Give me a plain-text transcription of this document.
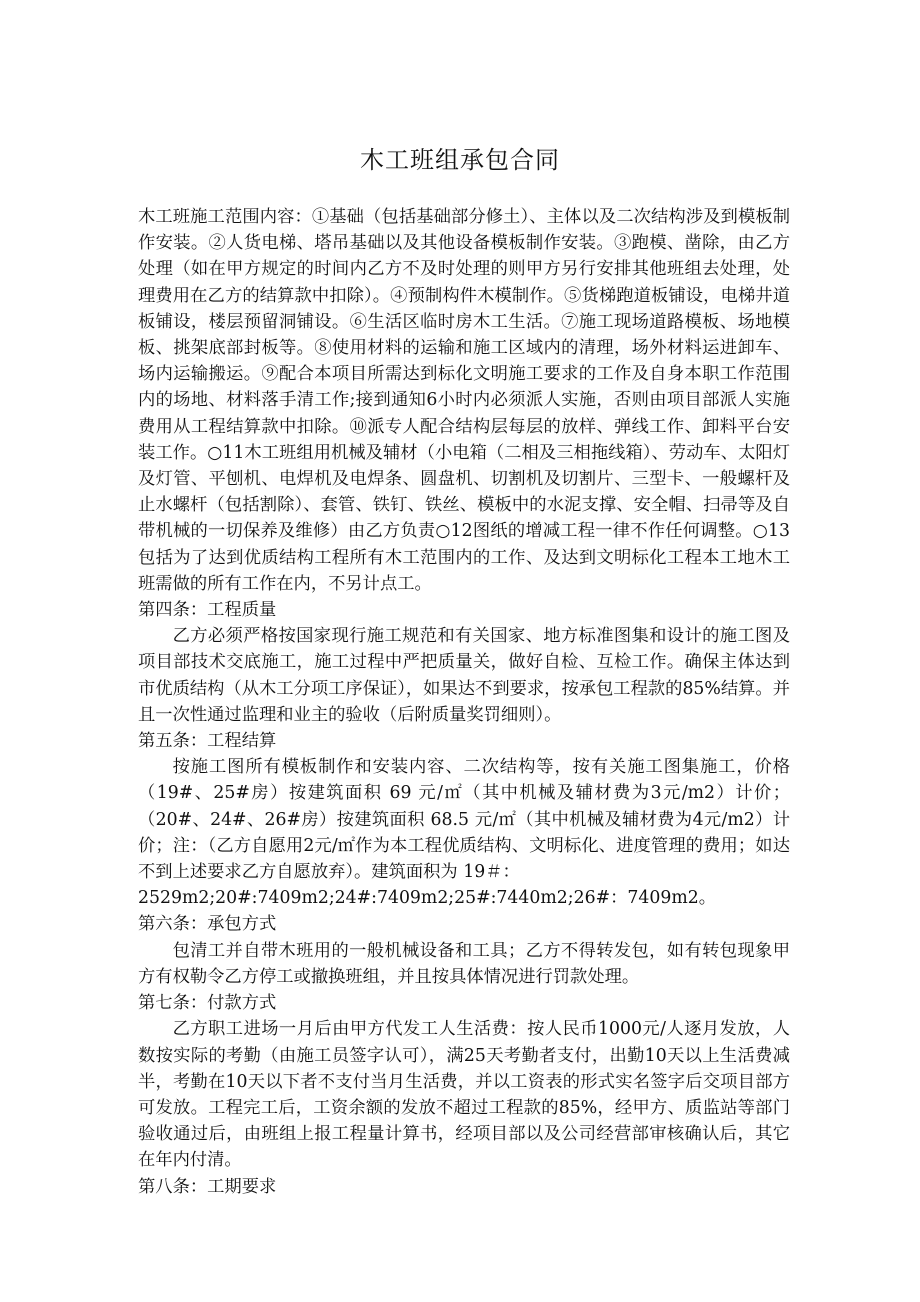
木工班组承包合同

木工班施工范围内容：①基础（包括基础部分修土）、主体以及二次结构涉及到模板制作安装。②人货电梯、塔吊基础以及其他设备模板制作安装。③跑模、凿除，由乙方处理（如在甲方规定的时间内乙方不及时处理的则甲方另行安排其他班组去处理，处理费用在乙方的结算款中扣除）。④预制构件木模制作。⑤货梯跑道板铺设，电梯井道板铺设，楼层预留洞铺设。⑥生活区临时房木工生活。⑦施工现场道路模板、场地模板、挑架底部封板等。⑧使用材料的运输和施工区域内的清理，场外材料运进卸车、场内运输搬运。⑨配合本项目所需达到标化文明施工要求的工作及自身本职工作范围内的场地、材料落手清工作;接到通知6小时内必须派人实施，否则由项目部派人实施费用从工程结算款中扣除。⑩派专人配合结构层每层的放样、弹线工作、卸料平台安装工作。○11木工班组用机械及辅材（小电箱（二相及三相拖线箱）、劳动车、太阳灯及灯管、平刨机、电焊机及电焊条、圆盘机、切割机及切割片、三型卡、一般螺杆及止水螺杆（包括割除）、套管、铁钉、铁丝、模板中的水泥支撑、安全帽、扫帚等及自带机械的一切保养及维修）由乙方负责○12图纸的增减工程一律不作任何调整。○13包括为了达到优质结构工程所有木工范围内的工作、及达到文明标化工程本工地木工班需做的所有工作在内，不另计点工。

第四条：工程质量

乙方必须严格按国家现行施工规范和有关国家、地方标准图集和设计的施工图及项目部技术交底施工，施工过程中严把质量关，做好自检、互检工作。确保主体达到市优质结构（从木工分项工序保证），如果达不到要求，按承包工程款的85%结算。并且一次性通过监理和业主的验收（后附质量奖罚细则）。

第五条：工程结算

按施工图所有模板制作和安装内容、二次结构等，按有关施工图集施工，价格（19#、25#房）按建筑面积 69 元/㎡（其中机械及辅材费为3元/m2）计价；（20#、24#、26#房）按建筑面积 68.5 元/㎡（其中机械及辅材费为4元/m2）计价；注：（乙方自愿用2元/㎡作为本工程优质结构、文明标化、进度管理的费用；如达不到上述要求乙方自愿放弃）。建筑面积为 19＃：

2529m2;20#:7409m2;24#:7409m2;25#:7440m2;26#：7409m2。

第六条：承包方式

包清工并自带木班用的一般机械设备和工具；乙方不得转发包，如有转包现象甲方有权勒令乙方停工或撤换班组，并且按具体情况进行罚款处理。

第七条：付款方式

乙方职工进场一月后由甲方代发工人生活费：按人民币1000元/人逐月发放，人数按实际的考勤（由施工员签字认可），满25天考勤者支付，出勤10天以上生活费减半，考勤在10天以下者不支付当月生活费，并以工资表的形式实名签字后交项目部方可发放。工程完工后，工资余额的发放不超过工程款的85%，经甲方、质监站等部门验收通过后，由班组上报工程量计算书，经项目部以及公司经营部审核确认后，其它在年内付清。

第八条：工期要求
